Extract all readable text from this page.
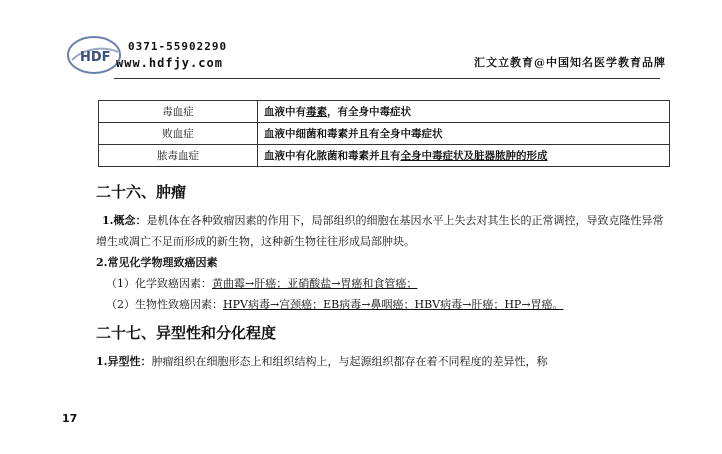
HDF
0371-55902290
www.hdfjy.com	汇文立教育@中国知名医学教育品牌
毒血症	血液中有毒素，有全身中毒症状
败血症	血液中细菌和毒素并且有全身中毒症状
脓毒血症	血液中有化脓菌和毒素并且有全身中毒症状及脏器脓肿的形成
二十六、肿瘤

1.概念：是机体在各种致瘤因素的作用下，局部组织的细胞在基因水平上失去对其生长的正常调控，导致克隆性异常增生或凋亡不足而形成的新生物，这种新生物往往形成局部肿块。

2.常见化学物理致癌因素

（1）化学致癌因素：黄曲霉→肝癌；亚硝酸盐→胃癌和食管癌；

（2）生物性致癌因素：HPV病毒→宫颈癌；EB病毒→鼻咽癌；HBV病毒→肝癌；HP→胃癌。

二十七、异型性和分化程度

1.异型性：肿瘤组织在细胞形态上和组织结构上，与起源组织都存在着不同程度的差异性，称

17
